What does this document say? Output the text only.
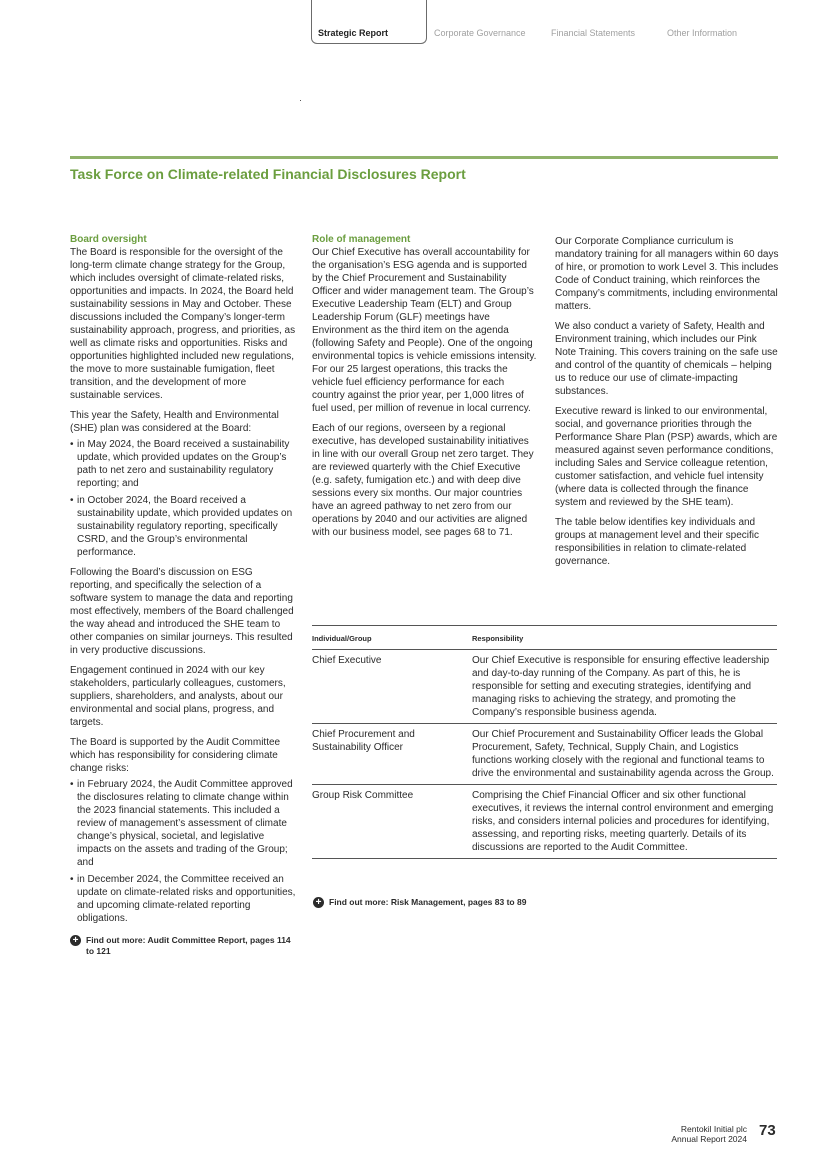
Strategic Report	Corporate Governance	Financial Statements	Other Information
Task Force on Climate-related Financial Disclosures Report
Board oversight

The Board is responsible for the oversight of the long-term climate change strategy for the Group, which includes oversight of climate-related risks, opportunities and impacts. In 2024, the Board held sustainability sessions in May and October. These discussions included the Company’s longer-term sustainability approach, progress, and priorities, as well as climate risks and opportunities. Risks and opportunities highlighted included new regulations, the move to more sustainable fumigation, fleet transition, and the development of more sustainable services.

This year the Safety, Health and Environmental (SHE) plan was considered at the Board:

• in May 2024, the Board received a sustainability update, which provided updates on the Group’s path to net zero and sustainability regulatory reporting; and
• in October 2024, the Board received a sustainability update, which provided updates on sustainability regulatory reporting, specifically CSRD, and the Group’s environmental performance.

Following the Board’s discussion on ESG reporting, and specifically the selection of a software system to manage the data and reporting most effectively, members of the Board challenged the way ahead and introduced the SHE team to other companies on similar journeys. This resulted in very productive discussions.

Engagement continued in 2024 with our key stakeholders, particularly colleagues, customers, suppliers, shareholders, and analysts, about our environmental and social plans, progress, and targets.

The Board is supported by the Audit Committee which has responsibility for considering climate change risks:

• in February 2024, the Audit Committee approved the disclosures relating to climate change within the 2023 financial statements. This included a review of management’s assessment of climate change’s physical, societal, and legislative impacts on the assets and trading of the Group; and
• in December 2024, the Committee received an update on climate-related risks and opportunities, and upcoming climate-related reporting obligations.
+ Find out more: Audit Committee Report, pages 114 to 121
Role of management

Our Chief Executive has overall accountability for the organisation’s ESG agenda and is supported by the Chief Procurement and Sustainability Officer and wider management team. The Group’s Executive Leadership Team (ELT) and Group Leadership Forum (GLF) meetings have Environment as the third item on the agenda (following Safety and People). One of the ongoing environmental topics is vehicle emissions intensity. For our 25 largest operations, this tracks the vehicle fuel efficiency performance for each country against the prior year, per 1,000 litres of fuel used, per million of revenue in local currency.

Each of our regions, overseen by a regional executive, has developed sustainability initiatives in line with our overall Group net zero target. They are reviewed quarterly with the Chief Executive (e.g. safety, fumigation etc.) and with deep dive sessions every six months. Our major countries have an agreed pathway to net zero from our operations by 2040 and our activities are aligned with our business model, see pages 68 to 71.

Our Corporate Compliance curriculum is mandatory training for all managers within 60 days of hire, or promotion to work Level 3. This includes Code of Conduct training, which reinforces the Company’s commitments, including environmental matters.

We also conduct a variety of Safety, Health and Environment training, which includes our Pink Note Training. This covers training on the safe use and control of the quantity of chemicals – helping us to reduce our use of climate-impacting substances.

Executive reward is linked to our environmental, social, and governance priorities through the Performance Share Plan (PSP) awards, which are measured against seven performance conditions, including Sales and Service colleague retention, customer satisfaction, and vehicle fuel intensity (where data is collected through the finance system and reviewed by the SHE team).

The table below identifies key individuals and groups at management level and their specific responsibilities in relation to climate-related governance.

Individual/Group	Responsibility
Chief Executive	Our Chief Executive is responsible for ensuring effective leadership and day-to-day running of the Company. As part of this, he is responsible for setting and executing strategies, identifying and managing risks to achieving the strategy, and promoting the Company’s responsible business agenda.
Chief Procurement and Sustainability Officer	Our Chief Procurement and Sustainability Officer leads the Global Procurement, Safety, Technical, Supply Chain, and Logistics functions working closely with the regional and functional teams to drive the environmental and sustainability agenda across the Group.
Group Risk Committee	Comprising the Chief Financial Officer and six other functional executives, it reviews the internal control environment and emerging risks, and considers internal policies and procedures for identifying, assessing, and reporting risks, meeting quarterly. Details of its discussions are reported to the Audit Committee.
+ Find out more: Risk Management, pages 83 to 89
Rentokil Initial plc
Annual Report 2024 73
